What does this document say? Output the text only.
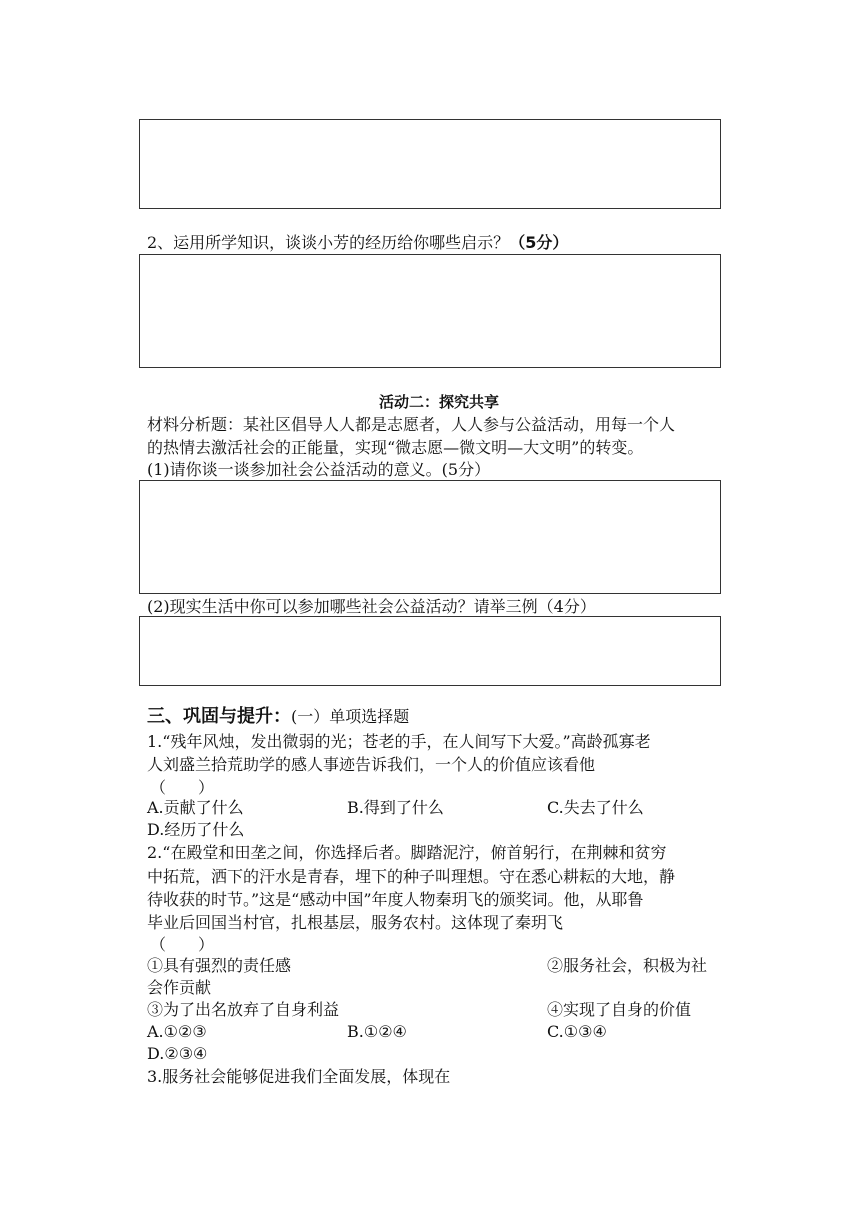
2、运用所学知识，谈谈小芳的经历给你哪些启示？（5分）
活动二：探究共享
材料分析题：某社区倡导人人都是志愿者，人人参与公益活动，用每一个人
的热情去激活社会的正能量，实现“微志愿—微文明—大文明”的转变。
(1)请你谈一谈参加社会公益活动的意义。(5分）
(2)现实生活中你可以参加哪些社会公益活动？请举三例（4分）
三、巩固与提升：(一）单项选择题
1.“残年风烛，发出微弱的光；苍老的手，在人间写下大爱。”高龄孤寡老
人刘盛兰拾荒助学的感人事迹告诉我们，一个人的价值应该看他
（　　）
A.贡献了什么	B.得到了什么	C.失去了什么
D.经历了什么
2.“在殿堂和田垄之间，你选择后者。脚踏泥泞，俯首躬行，在荆棘和贫穷
中拓荒，洒下的汗水是青春，埋下的种子叫理想。守在悉心耕耘的大地，静
待收获的时节。”这是“感动中国”年度人物秦玥飞的颁奖词。他，从耶鲁
毕业后回国当村官，扎根基层，服务农村。这体现了秦玥飞
（　　）
①具有强烈的责任感	②服务社会，积极为社
会作贡献
③为了出名放弃了自身利益	④实现了自身的价值
A.①②③	B.①②④	C.①③④
D.②③④
3.服务社会能够促进我们全面发展，体现在
